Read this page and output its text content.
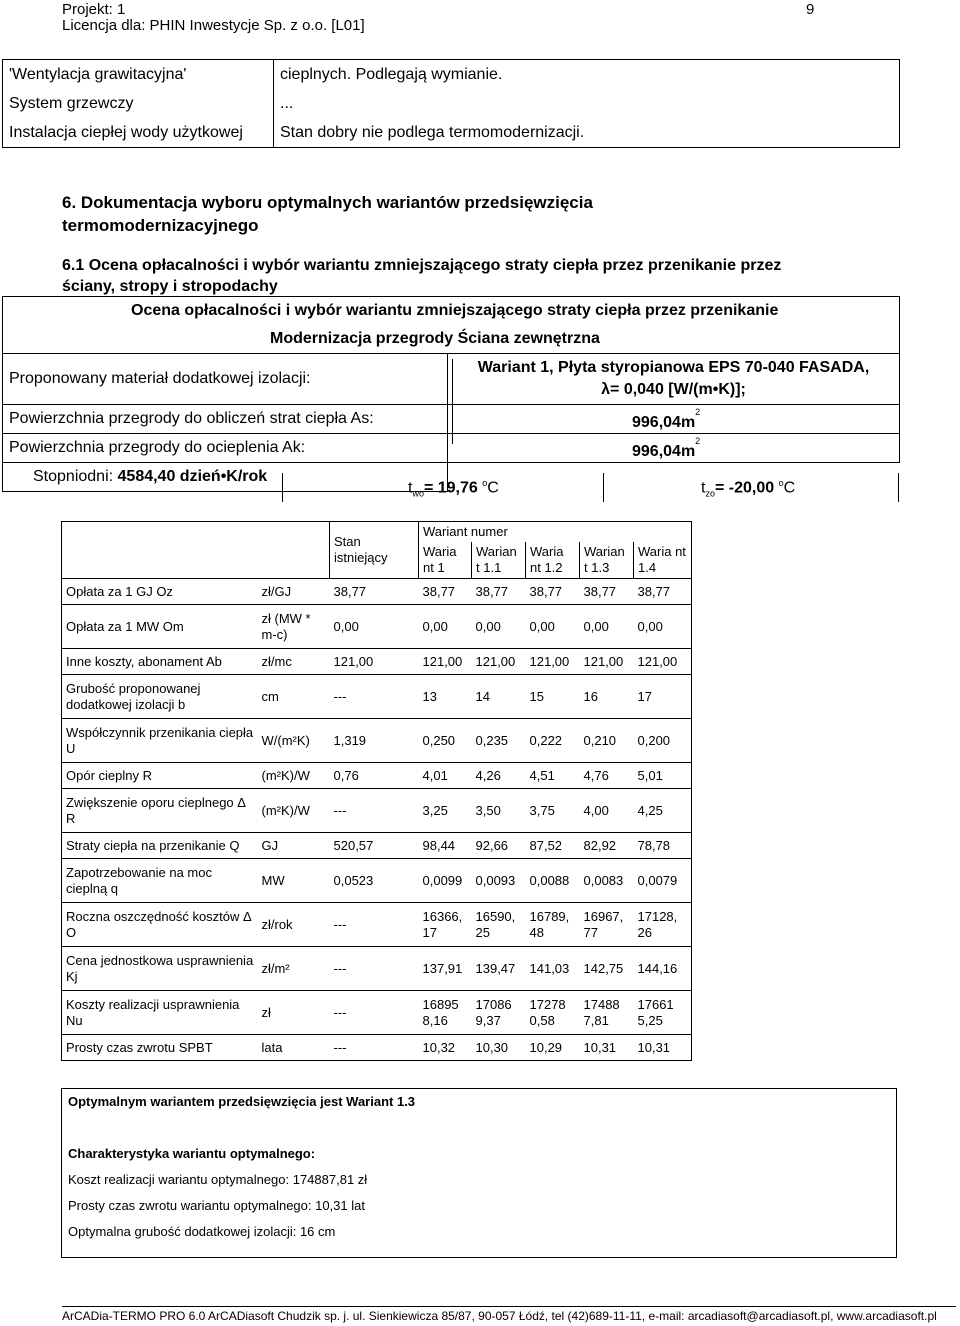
Projekt: 1
Licencja dla: PHIN Inwestycje Sp. z o.o. [L01]
9
'Wentylacja grawitacyjna'	cieplnych. Podlegają wymianie.
System grzewczy	...
Instalacja ciepłej wody użytkowej	Stan dobry nie podlega termomodernizacji.
6. Dokumentacja wyboru optymalnych wariantów przedsięwzięcia
termomodernizacyjnego
6.1 Ocena opłacalności i wybór wariantu zmniejszającego straty ciepła przez przenikanie przez
ściany, stropy i stropodachy
Ocena opłacalności i wybór wariantu zmniejszającego straty ciepła przez przenikanie	
Modernizacja przegrody Ściana zewnętrzna	
Proponowany materiał dodatkowej izolacji:	Wariant 1, Płyta styropianowa EPS 70-040 FASADA,
λ= 0,040 [W/(m•K)];

Powierzchnia przegrody do obliczeń strat ciepła As:	$996,04m^2$
Powierzchnia przegrody do ocieplenia Ak:	$996,04m^2$
Stopniodni: 4584,40 dzień•K/rok	
$t_{wo}= 19,76$ $^o$C	$t_{zo}= -20,00$ $^o$C
		Stan istniejący	Wariant numer				
			Waria nt 1	Warian t 1.1	Waria nt 1.2	Warian t 1.3	Waria nt 1.4
Opłata za 1 GJ Oz	zł/GJ	38,77	38,77	38,77	38,77	38,77	38,77
Opłata za 1 MW Om	zł (MW * m-c)	0,00	0,00	0,00	0,00	0,00	0,00
Inne koszty, abonament Ab	zł/mc	121,00	121,00	121,00	121,00	121,00	121,00
Grubość proponowanej dodatkowej izolacji b	cm	---	13	14	15	16	17
Współczynnik przenikania ciepła U	W/(m²K)	1,319	0,250	0,235	0,222	0,210	0,200
Opór cieplny R	(m²K)/W	0,76	4,01	4,26	4,51	4,76	5,01
Zwiększenie oporu cieplnego Δ R	(m²K)/W	---	3,25	3,50	3,75	4,00	4,25
Straty ciepła na przenikanie Q	GJ	520,57	98,44	92,66	87,52	82,92	78,78
Zapotrzebowanie na moc cieplną q	MW	0,0523	0,0099	0,0093	0,0088	0,0083	0,0079
Roczna oszczędność kosztów Δ O	zł/rok	---	16366, 17	16590, 25	16789, 48	16967, 77	17128, 26
Cena jednostkowa usprawnienia Kj	zł/m²	---	137,91	139,47	141,03	142,75	144,16
Koszty realizacji usprawnienia Nu	zł	---	16895 8,16	17086 9,37	17278 0,58	17488 7,81	17661 5,25
Prosty czas zwrotu SPBT	lata	---	10,32	10,30	10,29	10,31	10,31
Optymalnym wariantem przedsięwzięcia jest Wariant 1.3
Charakterystyka wariantu optymalnego:
Koszt realizacji wariantu optymalnego: 174887,81 zł
Prosty czas zwrotu wariantu optymalnego: 10,31 lat
Optymalna grubość dodatkowej izolacji: 16 cm
ArCADia-TERMO PRO 6.0 ArCADiasoft Chudzik sp. j. ul. Sienkiewicza 85/87, 90-057 Łódź, tel (42)689-11-11, e-mail: arcadiasoft@arcadiasoft.pl, www.arcadiasoft.pl
